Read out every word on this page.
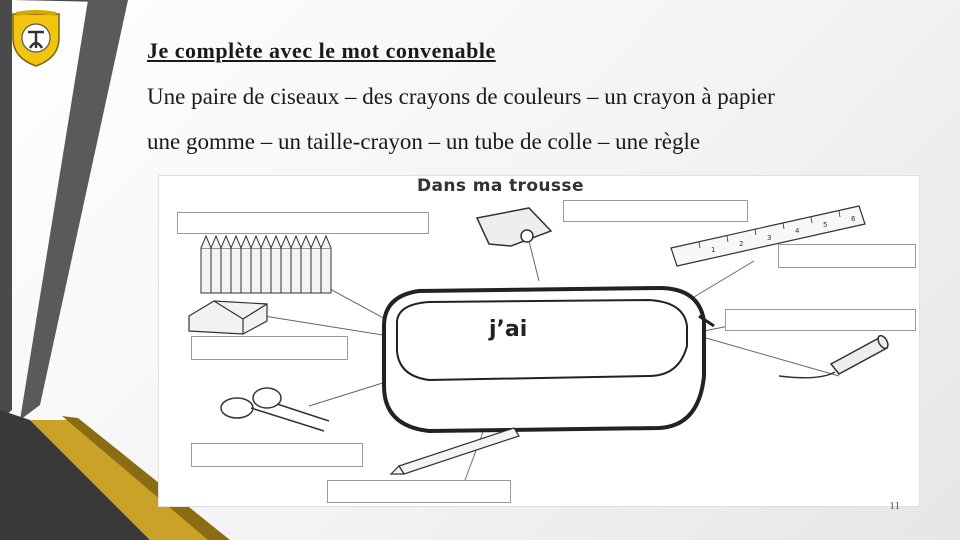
Je complète avec le mot convenable

Une paire de ciseaux – des crayons de couleurs – un crayon à papier

une gomme – un taille-crayon – un tube de colle – une règle

Dans ma trousse
1
2
3
4
5
6
j’ai
11
